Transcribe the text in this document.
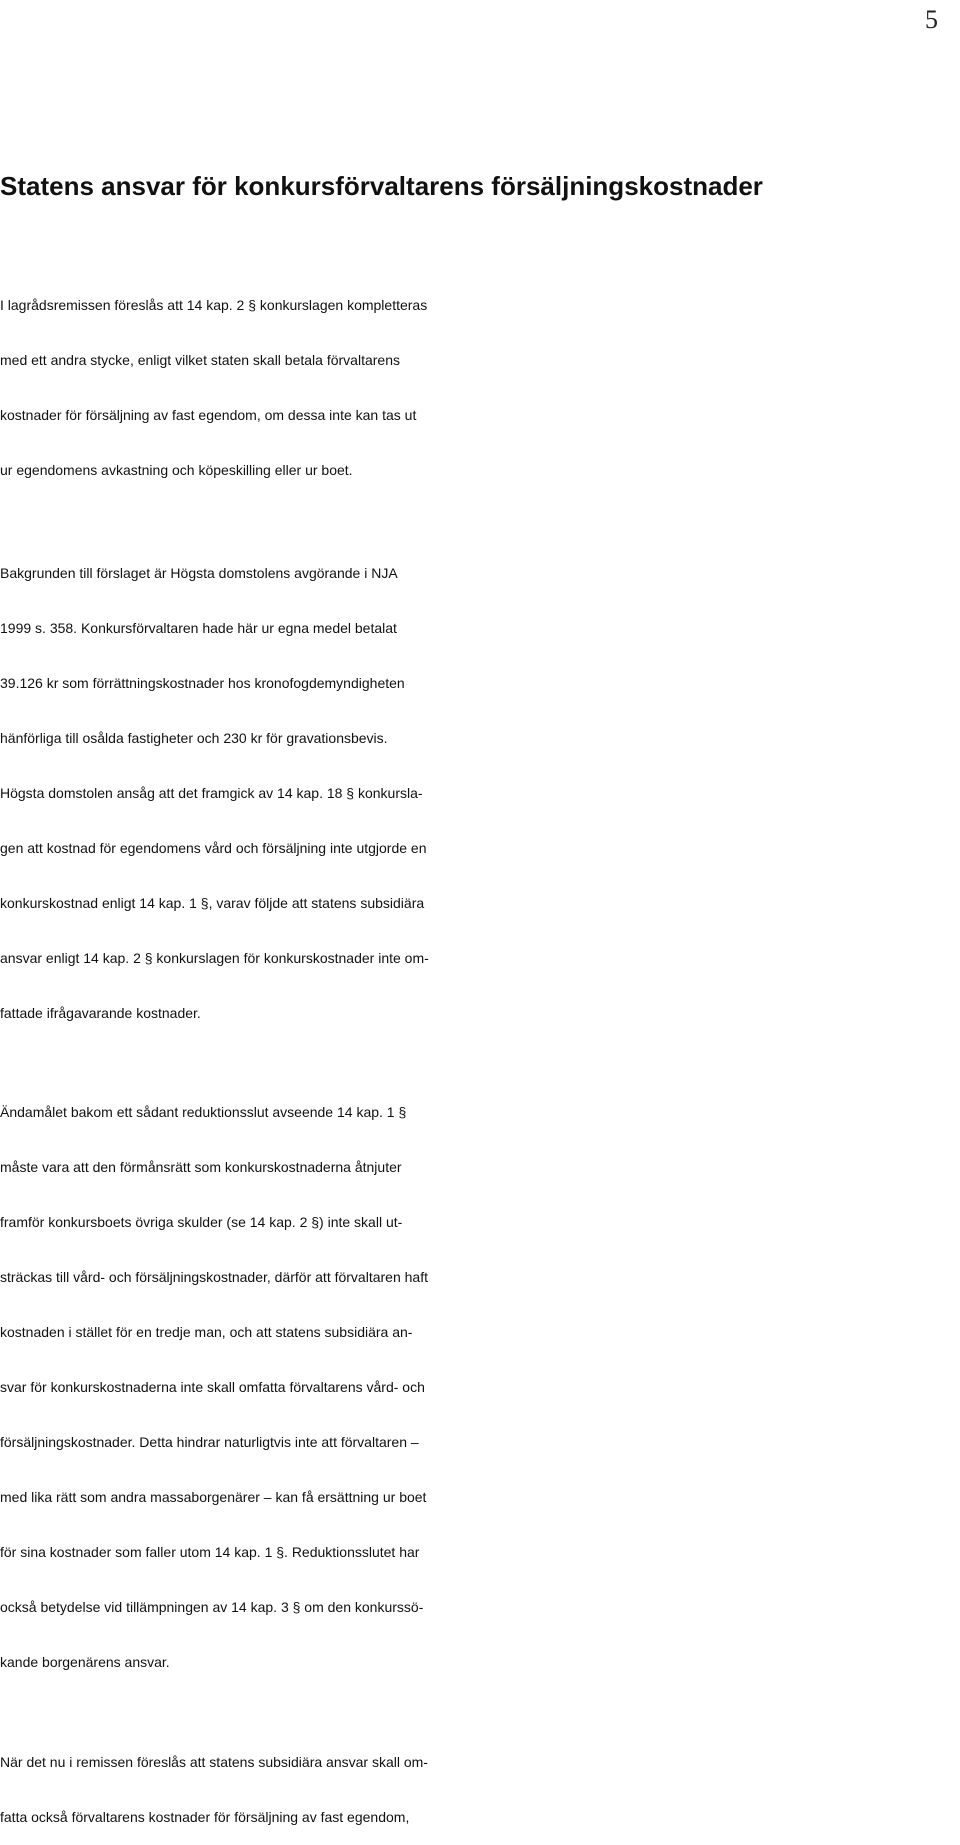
5
Statens ansvar för konkursförvaltarens försäljningskostnader
I lagrådsremissen föreslås att 14 kap. 2 § konkurslagen kompletteras
med ett andra stycke, enligt vilket staten skall betala förvaltarens
kostnader för försäljning av fast egendom, om dessa inte kan tas ut
ur egendomens avkastning och köpeskilling eller ur boet.
Bakgrunden till förslaget är Högsta domstolens avgörande i NJA
1999 s. 358. Konkursförvaltaren hade här ur egna medel betalat
39.126 kr som förrättningskostnader hos kronofogdemyndigheten
hänförliga till osålda fastigheter och 230 kr för gravationsbevis.
Högsta domstolen ansåg att det framgick av 14 kap. 18 § konkursla-
gen att kostnad för egendomens vård och försäljning inte utgjorde en
konkurskostnad enligt 14 kap. 1 §, varav följde att statens subsidiära
ansvar enligt 14 kap. 2 § konkurslagen för konkurskostnader inte om-
fattade ifrågavarande kostnader.
Ändamålet bakom ett sådant reduktionsslut avseende 14 kap. 1 §
måste vara att den förmånsrätt som konkurskostnaderna åtnjuter
framför konkursboets övriga skulder (se 14 kap. 2 §) inte skall ut-
sträckas till vård- och försäljningskostnader, därför att förvaltaren haft
kostnaden i stället för en tredje man, och att statens subsidiära an-
svar för konkurskostnaderna inte skall omfatta förvaltarens vård- och
försäljningskostnader. Detta hindrar naturligtvis inte att förvaltaren –
med lika rätt som andra massaborgenärer – kan få ersättning ur boet
för sina kostnader som faller utom 14 kap. 1 §. Reduktionsslutet har
också betydelse vid tillämpningen av 14 kap. 3 § om den konkurssö-
kande borgenärens ansvar.
När det nu i remissen föreslås att statens subsidiära ansvar skall om-
fatta också förvaltarens kostnader för försäljning av fast egendom,
